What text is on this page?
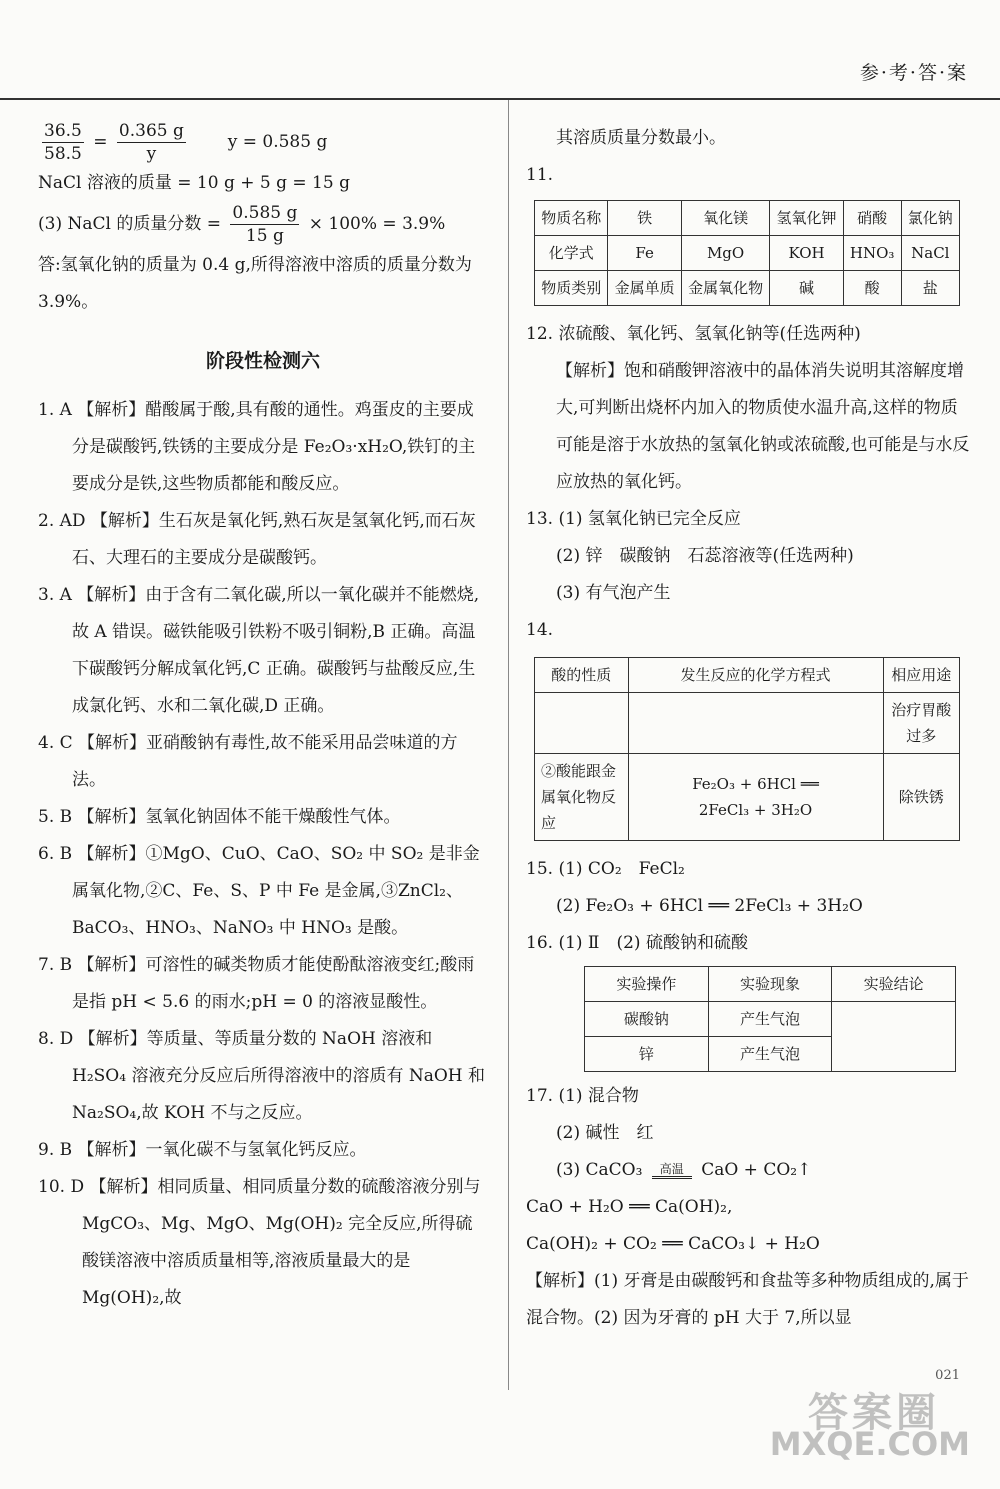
参·考·答·案

$\frac{36.5}{58.5} = \frac{0.365 g}{y}$ y = 0.585 g

NaCl 溶液的质量 = 10 g + 5 g = 15 g

(3) NaCl 的质量分数 = $\frac{0.585 g}{15 g} \times 100\% = 3.9\%$

答:氢氧化钠的质量为 0.4 g,所得溶液中溶质的质量分数为 3.9%。

阶段性检测六

1. A 【解析】醋酸属于酸,具有酸的通性。鸡蛋皮的主要成分是碳酸钙,铁锈的主要成分是 Fe₂O₃·xH₂O,铁钉的主要成分是铁,这些物质都能和酸反应。

2. AD 【解析】生石灰是氧化钙,熟石灰是氢氧化钙,而石灰石、大理石的主要成分是碳酸钙。

3. A 【解析】由于含有二氧化碳,所以一氧化碳并不能燃烧,故 A 错误。磁铁能吸引铁粉不吸引铜粉,B 正确。高温下碳酸钙分解成氧化钙,C 正确。碳酸钙与盐酸反应,生成氯化钙、水和二氧化碳,D 正确。

4. C 【解析】亚硝酸钠有毒性,故不能采用品尝味道的方法。

5. B 【解析】氢氧化钠固体不能干燥酸性气体。

6. B 【解析】①MgO、CuO、CaO、SO₂ 中 SO₂ 是非金属氧化物,②C、Fe、S、P 中 Fe 是金属,③ZnCl₂、BaCO₃、HNO₃、NaNO₃ 中 HNO₃ 是酸。

7. B 【解析】可溶性的碱类物质才能使酚酞溶液变红;酸雨是指 pH < 5.6 的雨水;pH = 0 的溶液显酸性。

8. D 【解析】等质量、等质量分数的 NaOH 溶液和 H₂SO₄ 溶液充分反应后所得溶液中的溶质有 NaOH 和 Na₂SO₄,故 KOH 不与之反应。

9. B 【解析】一氧化碳不与氢氧化钙反应。

10. D 【解析】相同质量、相同质量分数的硫酸溶液分别与 MgCO₃、Mg、MgO、Mg(OH)₂ 完全反应,所得硫酸镁溶液中溶质质量相等,溶液质量最大的是 Mg(OH)₂,故

其溶质质量分数最小。

11.

物质名称	铁	氧化镁	氢氧化钾	硝酸	氯化钠
化学式	Fe	MgO	KOH	HNO₃	NaCl
物质类别	金属单质	金属氧化物	碱	酸	盐

12. 浓硫酸、氧化钙、氢氧化钠等(任选两种)

【解析】饱和硝酸钾溶液中的晶体消失说明其溶解度增大,可判断出烧杯内加入的物质使水温升高,这样的物质可能是溶于水放热的氢氧化钠或浓硫酸,也可能是与水反应放热的氧化钙。

13. (1) 氢氧化钠已完全反应

(2) 锌　碳酸钠　石蕊溶液等(任选两种)

(3) 有气泡产生

14.

酸的性质	发生反应的化学方程式	相应用途
		治疗胃酸过多
②酸能跟金属氧化物反应	Fe₂O₃ + 6HCl ══
2FeCl₃ + 3H₂O	除铁锈

15. (1) CO₂　FeCl₂

(2) Fe₂O₃ + 6HCl ══ 2FeCl₃ + 3H₂O

16. (1) Ⅱ　(2) 硫酸钠和硫酸

实验操作	实验现象	实验结论
碳酸钠	产生气泡	
锌	产生气泡	

17. (1) 混合物

(2) 碱性　红

(3) CaCO₃	高温	CaO + CO₂↑

CaO + H₂O ══ Ca(OH)₂,

Ca(OH)₂ + CO₂ ══ CaCO₃↓ + H₂O

【解析】(1) 牙膏是由碳酸钙和食盐等多种物质组成的,属于混合物。(2) 因为牙膏的 pH 大于 7,所以显

021
答案圈
MXQE.COM
